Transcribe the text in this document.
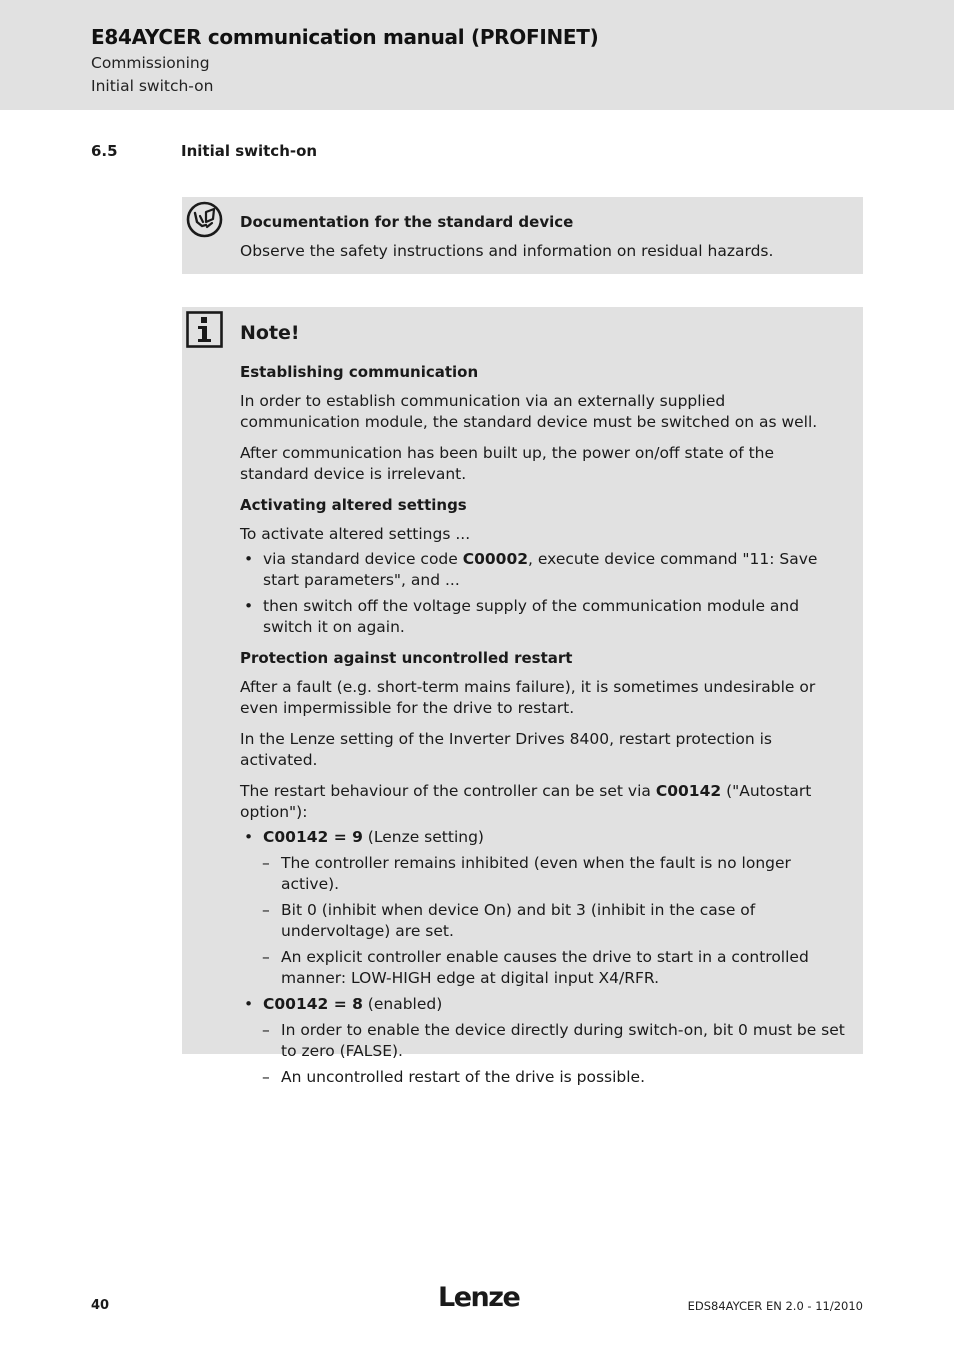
E84AYCER communication manual (PROFINET)
Commissioning
Initial switch-on
6.5	Initial switch-on
Documentation for the standard device

Observe the safety instructions and information on residual hazards.

Note!
Establishing communication

In order to establish communication via an externally supplied communication module, the standard device must be switched on as well.

After communication has been built up, the power on/off state of the standard device is irrelevant.

Activating altered settings

To activate altered settings ...

• via standard device code C00002, execute device command "11: Save start parameters", and ...
• then switch off the voltage supply of the communication module and switch it on again.
Protection against uncontrolled restart

After a fault (e.g. short-term mains failure), it is sometimes undesirable or even impermissible for the drive to restart.

In the Lenze setting of the Inverter Drives 8400, restart protection is activated.

The restart behaviour of the controller can be set via C00142 ("Autostart option"):

• C00142 = 9 (Lenze setting)
– The controller remains inhibited (even when the fault is no longer active).
– Bit 0 (inhibit when device On) and bit 3 (inhibit in the case of undervoltage) are set.
– An explicit controller enable causes the drive to start in a controlled manner: LOW-HIGH edge at digital input X4/RFR.
• C00142 = 8 (enabled)
– In order to enable the device directly during switch-on, bit 0 must be set to zero (FALSE).
– An uncontrolled restart of the drive is possible.
40	Lenze	EDS84AYCER EN 2.0 - 11/2010
